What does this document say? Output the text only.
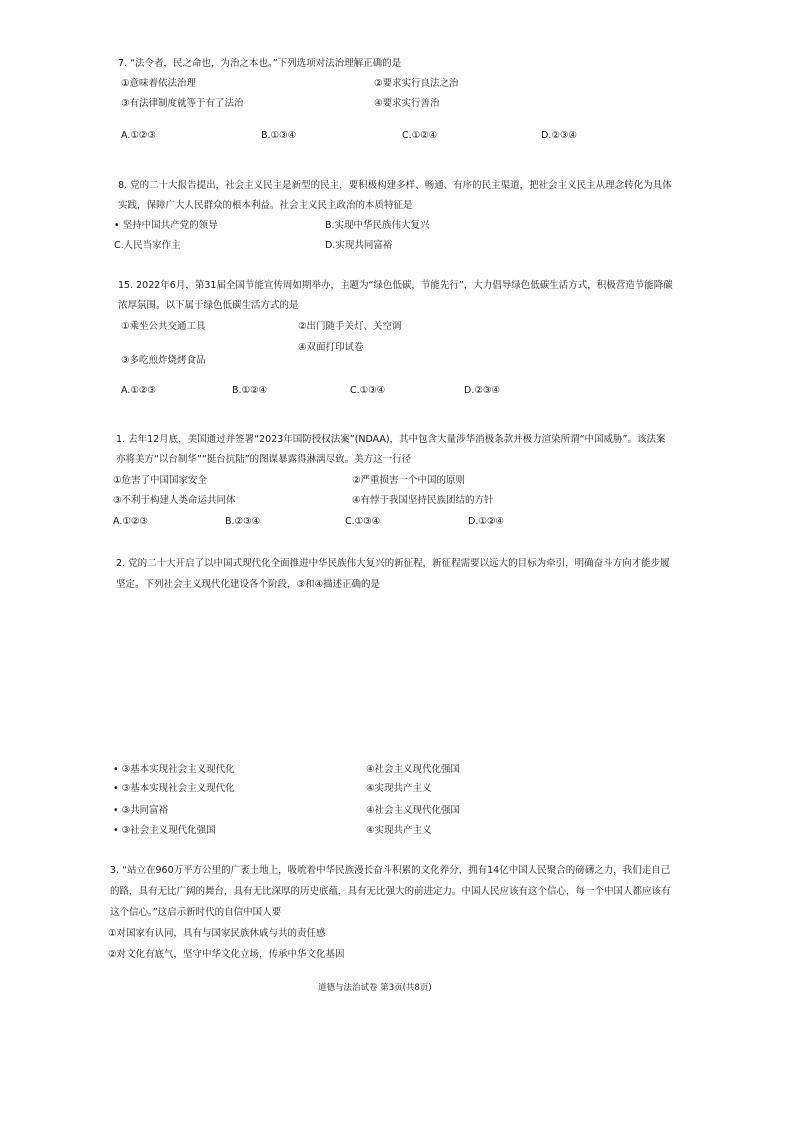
7. “法令者，民之命也，为治之本也。”下列选项对法治理解正确的是
①意味着依法治理	②要求实行良法之治
③有法律制度就等于有了法治	④要求实行善治
A.①②③	B.①③④	C.①②④	D.②③④
8. 党的二十大报告提出，社会主义民主是新型的民主，要积极构建多样、畅通、有序的民主渠道，把社会主义民主从理念转化为具体
实践，保障广大人民群众的根本利益。社会主义民主政治的本质特征是
• 坚持中国共产党的领导	B.实现中华民族伟大复兴
C.人民当家作主	D.实现共同富裕
15. 2022年6月，第31届全国节能宣传周如期举办，主题为“绿色低碳，节能先行”，大力倡导绿色低碳生活方式，积极营造节能降碳
浓厚氛围。以下属于绿色低碳生活方式的是
①乘坐公共交通工具	②出门随手关灯、关空调
④双面打印试卷
③多吃煎炸烧烤食品
A.①②③	B.①②④	C.①③④	D.②③④
1. 去年12月底，美国通过并签署“2023年国防授权法案”(NDAA)，其中包含大量涉华消极条款并极力渲染所谓“中国威胁”。该法案
亦将美方“以台制华”“挺台抗陆”的图谋暴露得淋漓尽致。美方这一行径
①危害了中国国家安全	②严重损害一个中国的原则
③不利于构建人类命运共同体	④有悖于我国坚持民族团结的方针
A.①②③	B.②③④	C.①③④	D.①②④
2. 党的二十大开启了以中国式现代化全面推进中华民族伟大复兴的新征程，新征程需要以远大的目标为牵引，明确奋斗方向才能步履
坚定。下列社会主义现代化建设各个阶段，③和④描述正确的是
• ③基本实现社会主义现代化	④社会主义现代化强国
• ③基本实现社会主义现代化	④实现共产主义
• ③共同富裕	④社会主义现代化强国
• ③社会主义现代化强国	④实现共产主义
3. “站立在960万平方公里的广袤土地上，吸吮着中华民族漫长奋斗积累的文化养分，拥有14亿中国人民聚合的磅礴之力，我们走自己
的路，具有无比广阔的舞台，具有无比深厚的历史底蕴，具有无比强大的前进定力。中国人民应该有这个信心，每一个中国人都应该有
这个信心。”这启示新时代的自信中国人要
①对国家有认同，具有与国家民族休戚与共的责任感
②对文化有底气，坚守中华文化立场，传承中华文化基因
道德与法治试卷 第3页(共8页)
